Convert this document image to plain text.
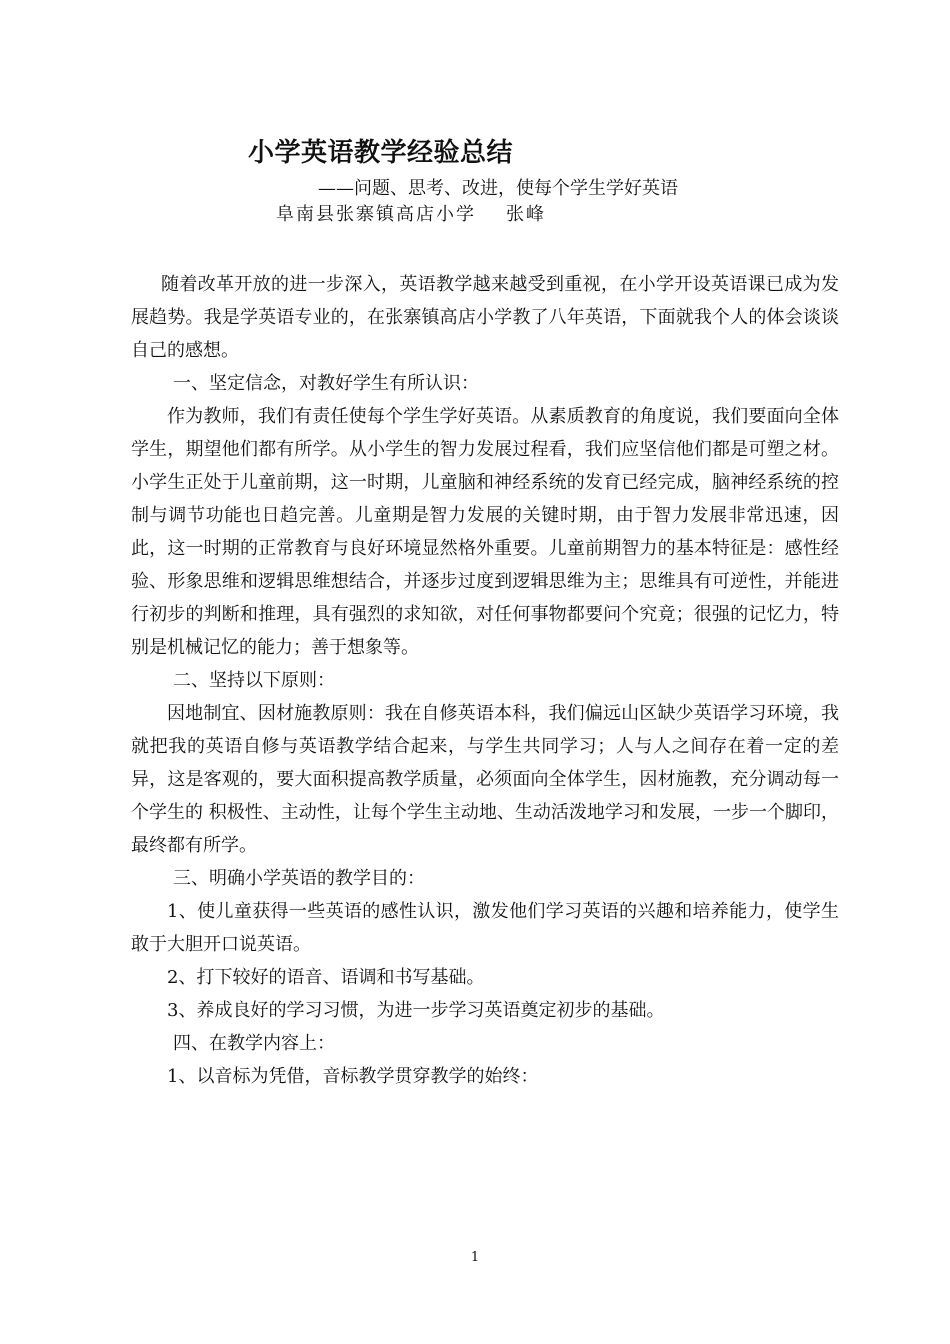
小学英语教学经验总结
——问题、思考、改进，使每个学生学好英语
阜南县张寨镇高店小学 张峰

随着改革开放的进一步深入，英语教学越来越受到重视，在小学开设英语课已成为发展趋势。我是学英语专业的，在张寨镇高店小学教了八年英语，下面就我个人的体会谈谈自己的感想。

一、坚定信念，对教好学生有所认识：

作为教师，我们有责任使每个学生学好英语。从素质教育的角度说，我们要面向全体学生，期望他们都有所学。从小学生的智力发展过程看，我们应坚信他们都是可塑之材。小学生正处于儿童前期，这一时期，儿童脑和神经系统的发育已经完成，脑神经系统的控制与调节功能也日趋完善。儿童期是智力发展的关键时期，由于智力发展非常迅速，因此，这一时期的正常教育与良好环境显然格外重要。儿童前期智力的基本特征是：感性经验、形象思维和逻辑思维想结合，并逐步过度到逻辑思维为主；思维具有可逆性，并能进行初步的判断和推理，具有强烈的求知欲，对任何事物都要问个究竟；很强的记忆力，特别是机械记忆的能力；善于想象等。

二、坚持以下原则：

因地制宜、因材施教原则：我在自修英语本科，我们偏远山区缺少英语学习环境，我就把我的英语自修与英语教学结合起来，与学生共同学习；人与人之间存在着一定的差异，这是客观的，要大面积提高教学质量，必须面向全体学生，因材施教，充分调动每一个学生的 积极性、主动性，让每个学生主动地、生动活泼地学习和发展，一步一个脚印，最终都有所学。

三、明确小学英语的教学目的：

1、使儿童获得一些英语的感性认识，激发他们学习英语的兴趣和培养能力，使学生敢于大胆开口说英语。

2、打下较好的语音、语调和书写基础。

3、养成良好的学习习惯，为进一步学习英语奠定初步的基础。

四、在教学内容上：

1、以音标为凭借，音标教学贯穿教学的始终：

1
